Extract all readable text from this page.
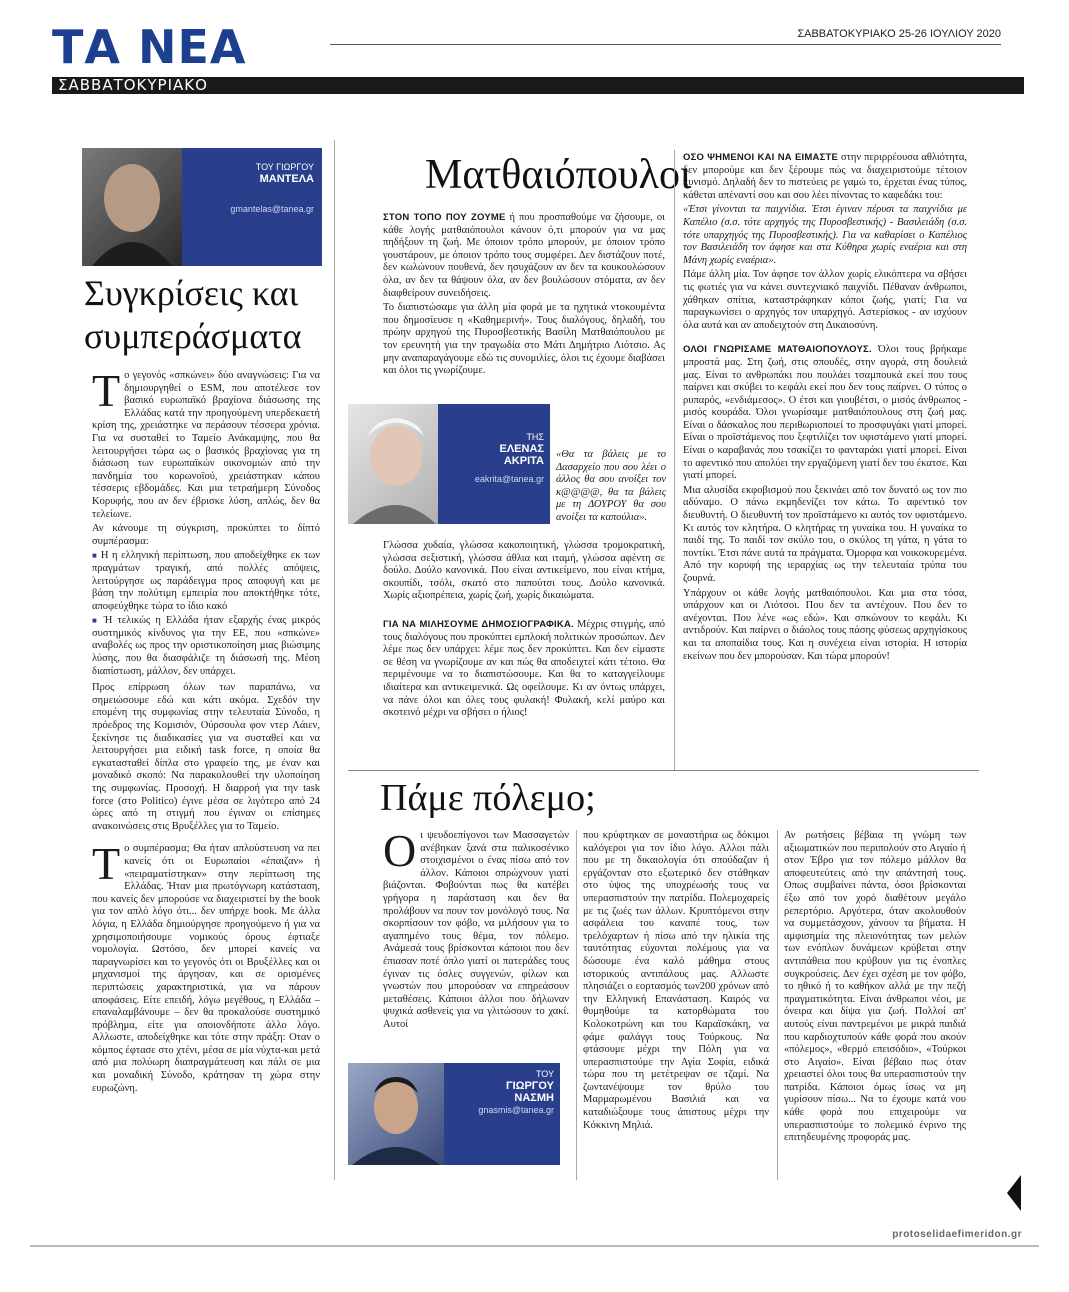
ΤΑ ΝΕΑ	ΣΑΒΒΑΤΟΚΥΡΙΑΚΟ 25-26 ΙΟΥΛΙΟΥ 2020
ΣΑΒΒΑΤΟΚΥΡΙΑΚΟ
ΤΟΥ ΓΙΩΡΓΟΥ
ΜΑΝΤΕΛΑ
gmantelas@tanea.gr
Συγκρίσεις και συμπεράσματα

Το γεγονός «σπκώνει» δύο αναγνώσεις: Για να δημιουργηθεί ο ESM, που αποτέλεσε τον βασικό ευρωπαϊκό βραχίονα διάσωσης της Ελλάδας κατά την προηγούμενη υπερδεκαετή κρίση της, χρειάστηκε να περάσουν τέσσερα χρόνια. Για να συσταθεί το Ταμείο Ανάκαμψης, που θα λειτουργήσει τώρα ως ο βασικός βραχίονας για τη διάσωση των ευρωπαϊκών οικονομιών από την πανδημία του κορωνοϊού, χρειάστηκαν κάπου τέσσερις εβδομάδες. Και μια τετραήμερη Σύνοδος Κορυφής, που αν δεν έβρισκε λύση, απλώς, δεν θα τελείωνε.

Αν κάνουμε τη σύγκριση, προκύπτει το δίπτό συμπέρασμα:

■ Η η ελληνική περίπτωση, που αποδείχθηκε εκ των πραγμάτων τραγική, από πολλές απόψεις, λειτούργησε ως παράδειγμα προς αποφυγή και με βάση την πολύτιμη εμπειρία που αποκτήθηκε τότε, αποφεύχθηκε τώρα το ίδιο κακό

■ Ή τελικώς η Ελλάδα ήταν εξαρχής ένας μικρός συστημικός κίνδυνος για την ΕΕ, που «σπκώνε» αναβολές ως προς την οριστικοποίηση μιας βιώσιμης λύσης, που θα διασφάλιζε τη διάσωσή της. Μέση διαπίστωση, μάλλον, δεν υπάρχει.

Προς επίρρωση όλων των παραπάνω, να σημειώσουμε εδώ και κάτι ακόμα. Σχεδόν την επομένη της συμφωνίας στην τελευταία Σύνοδο, η πρόεδρος της Κομισιόν, Ούρσουλα φον ντερ Λάιεν, ξεκίνησε τις διαδικασίες για να συσταθεί και να λειτουργήσει μια ειδική task force, η οποία θα εγκατασταθεί δίπλα στο γραφείο της, με έναν και μοναδικό σκοπό: Να παρακολουθεί την υλοποίηση της συμφωνίας. Προσοχή. Η διαρροή για την task force (στο Politico) έγινε μέσα σε λιγότερο από 24 ώρες από τη στιγμή που έγιναν οι επίσημες ανακοινώσεις στις Βρυξέλλες για το Ταμείο.

Το συμπέρασμα; Θα ήταν απλούστευση να πει κανείς ότι οι Ευρωπαίοι «έπαιζαν» ή «πειραματίστηκαν» στην περίπτωση της Ελλάδας. Ήταν μια πρωτόγνωρη κατάσταση, που κανείς δεν μπορούσε να διαχειριστεί by the book για τον απλό λόγο ότι... δεν υπήρχε book. Με άλλα λόγια, η Ελλάδα δημιούργησε προηγούμενο ή για να χρησιμοποιήσουμε νομικούς όρους έφτιαξε νομολογία. Ωστόσο, δεν μπορεί κανείς να παραγνωρίσει και το γεγονός ότι οι Βρυξέλλες και οι μηχανισμοί της άργησαν, και σε ορισμένες περιπτώσεις χαρακτηριστικά, για να πάρουν αποφάσεις. Είτε επειδή, λόγω μεγέθους, η Ελλάδα – επαναλαμβάνουμε – δεν θα προκαλούσε συστημικό πρόβλημα, είτε για οποιονδήποτε άλλο λόγο. Αλλωστε, αποδείχθηκε και τότε στην πράξη: Οταν ο κόμπος έφτασε στο χτένι, μέσα σε μία νύχτα-και μετά από μια πολύωρη διαπραγμάτευση και πάλι σε μια και μοναδική Σύνοδο, κράτησαν τη χώρα στην ευρωζώνη.

Ματθαιόπουλοι

ΣΤΟΝ ΤΟΠΟ ΠΟΥ ΖΟΥΜΕ ή που προσπαθούμε να ζήσουμε, οι κάθε λογής ματθαιόπουλοι κάνουν ό,τι μπορούν για να μας πηδήξουν τη ζωή. Με όποιον τρόπο μπορούν, με όποιον τρόπο γουστάρουν, με όποιον τρόπο τους συμφέρει. Δεν διστάζουν ποτέ, δεν κωλώνουν πουθενά, δεν ησυχάζουν αν δεν τα κουκουλώσουν όλα, αν δεν τα θάψουν όλα, αν δεν βουλώσουν στόματα, αν δεν διαφθείρουν συνειδήσεις.

Το διαπιστώσαμε για άλλη μία φορά με τα ηχητικά ντοκουμέντα που δημοσίευσε η «Καθημερινή». Τους διαλόγους, δηλαδή, του πρώην αρχηγού της Πυροσβεστικής Βασίλη Ματθαιόπουλου με τον ερευνητή για την τραγωδία στο Μάτι Δημήτριο Λιότσιο. Ας μην αναπαραγάγουμε εδώ τις συνομιλίες, όλοι τις έχουμε διαβάσει και όλοι τις γνωρίζουμε.

ΤΗΣ
ΕΛΕΝΑΣ
ΑΚΡΙΤΑ
eakrita@tanea.gr

«Θα τα βάλεις με το Δασαρχείο που σου λέει ο άλλος θα σου ανοίξει τον κ@@@@, θα τα βάλεις με τη ΔΟΥΡΟΥ θα σου ανοίξει τα καπούλια».

Γλώσσα χυδαία, γλώσσα κακοποιητική, γλώσσα τρομοκρατική, γλώσσα σεξιστική, γλώσσα άθλια και ιταμή, γλώσσα αφέντη σε δούλο. Δούλο κανονικά. Που είναι αντικείμενο, που είναι κτήμα, σκουπίδι, τσόλι, σκατό στο παπούτσι τους. Δούλο κανονικά. Χωρίς αξιοπρέπεια, χωρίς ζωή, χωρίς δικαιώματα.

ΓΙΑ ΝΑ ΜΙΛΗΣΟΥΜΕ ΔΗΜΟΣΙΟΓΡΑΦΙΚΑ. Μέχρις στιγμής, από τους διαλόγους που προκύπτει εμπλοκή πολιτικών προσώπων. Δεν λέμε πως δεν υπάρχει: λέμε πως δεν προκύπτει. Και δεν είμαστε σε θέση να γνωρίζουμε αν και πώς θα αποδειχτεί κάτι τέτοιο. Θα περιμένουμε να το διαπιστώσουμε. Και θα το καταγγείλουμε ιδιαίτερα και αντικειμενικά. Ως οφείλουμε. Κι αν όντως υπάρχει, να πάνε όλοι και όλες τους φυλακή! Φυλακή, κελί μαύρο και σκοτεινό μέχρι να σβήσει ο ήλιος!

ΟΣΟ ΨΗΜΕΝΟΙ ΚΑΙ ΝΑ ΕΙΜΑΣΤΕ στην περιρρέουσα αθλιότητα, δεν μπορούμε και δεν ξέρουμε πώς να διαχειριστούμε τέτοιον κυνισμό. Δηλαδή δεν το πιστεύεις ρε γαμώ το, έρχεται ένας τύπος, κάθεται απέναντί σου και σου λέει πίνοντας το καφεδάκι του:

«Έτσι γίνονται τα παιχνίδια. Έτσι έγιναν πέρυσι τα παιχνίδια με Καπέλιο (σ.σ. τότε αρχηγός της Πυροσβεστικής) - Βασιλειάδη (σ.σ. τότε υπαρχηγός της Πυροσβεστικής). Για να καθαρίσει ο Καπέλιος τον Βασιλειάδη τον άφησε και στα Κύθηρα χωρίς εναέρια και στη Μάνη χωρίς εναέρια».

Πάμε άλλη μία. Τον άφησε τον άλλον χωρίς ελικόπτερα να σβήσει τις φωτιές για να κάνει συντεχνιακό παιχνίδι. Πέθαναν άνθρωποι, χάθηκαν σπίτια, καταστράφηκαν κόποι ζωής, γιατί; Για να παραγκωνίσει ο αρχηγός τον υπαρχηγό. Αστερίσκος - αν ισχύουν όλα αυτά και αν αποδειχτούν στη Δικαιοσύνη.

ΟΛΟΙ ΓΝΩΡΙΣΑΜΕ ΜΑΤΘΑΙΟΠΟΥΛΟΥΣ. Όλοι τους βρήκαμε μπροστά μας. Στη ζωή, στις σπουδές, στην αγορά, στη δουλειά μας. Είναι το ανθρωπάκι που πουλάει τσαμπουκά εκεί που τους παίρνει και σκύβει το κεφάλι εκεί που δεν τους παίρνει. Ο τύπος ο ρυπαρός, «ενδιάμεσος». Ο έτσι και γιουβέτσι, ο μισός άνθρωπος - μισός κουράδα. Όλοι γνωρίσαμε ματθαιόπουλους στη ζωή μας. Είναι ο δάσκαλος που περιθωριοποιεί το προσφυγάκι γιατί μπορεί. Είναι ο προϊστάμενος που ξεφτιλίζει τον υφιστάμενο γιατί μπορεί. Είναι ο καραβανάς που τσακίζει το φανταράκι γιατί μπορεί. Είναι το αφεντικό που απολύει την εργαζόμενη γιατί δεν του έκατσε. Και γιατί μπορεί.

Μια αλυσίδα εκφοβισμού που ξεκινάει από τον δυνατό ως τον πιο αδύναμο. Ο πάνω εκμηδενίζει τον κάτω. Το αφεντικό τον διευθυντή. Ο διευθυντή τον προϊστάμενο κι αυτός τον υφιστάμενο. Κι αυτός τον κλητήρα. Ο κλητήρας τη γυναίκα του. Η γυναίκα το παιδί της. Το παιδί τον σκύλο του, ο σκύλος τη γάτα, η γάτα το ποντίκι. Έτσι πάνε αυτά τα πράγματα. Όμορφα και νοικοκυρεμένα. Από την κορυφή της ιεραρχίας ως την τελευταία τρύπα του ζουρνά.

Υπάρχουν οι κάθε λογής ματθαιόπουλοι. Και μια στα τόσα, υπάρχουν και οι Λιότσοι. Που δεν τα αντέχουν. Που δεν το ανέχονται. Που λένε «ως εδώ». Και σπκώνουν το κεφάλι. Κι αντιδρούν. Και παίρνει ο διάολος τους πάσης φύσεως αρχηγίσκους και τα αποπαίδια τους. Και η συνέχεια είναι ιστορία. Η ιστορία εκείνων που δεν μπορούσαν. Και τώρα μπορούν!

Πάμε πόλεμο;

Οι ψευδοεπίγονοι των Μασσαγετών ανέβηκαν ξανά στα παλικοσένικο στοιχισμένοι ο ένας πίσω από τον άλλον. Κάποιοι σπρώχνουν γιατί βιάζονται. Φοβούνται πως θα κατέβει γρήγορα η παράσταση και δεν θα προλάβουν να πουν τον μονόλογό τους. Να σκορπίσουν τον φόβο, να μιλήσουν για το αγαπημένο τους θέμα, τον πόλεμο. Ανάμεσά τους βρίσκονται κάποιοι που δεν έπιασαν ποτέ όπλο γιατί οι πατεράδες τους έγιναν τις όσλες συγγενών, φίλων και γνωστών που μπορούσαν να επηρεάσουν μεταθέσεις. Κάποιοι άλλοι που δήλωναν ψυχικά ασθενείς για να γλιτώσουν το χακί. Αυτοί

ΤΟΥ
ΓΙΩΡΓΟΥ
ΝΑΣΜΗ
gnasmis@tanea.gr

που κρύφτηκαν σε μοναστήρια ως δόκιμοι καλόγεροι για τον ίδιο λόγο. Αλλοι πάλι που με τη δικαιολογία ότι σπούδαζαν ή εργάζονταν στο εξωτερικό δεν στάθηκαν στο ύψος της υποχρέωσής τους να υπερασπιστούν την πατρίδα. Πολεμοχαρείς με τις ζωές των άλλων. Κρυπτόμενοι στην ασφάλεια του καναπέ τους, των τρελόχαρτων ή πίσω από την ηλικία της ταυτότητας εύχονται πολέμους για να δώσουμε ένα καλό μάθημα στους ιστορικούς αντιπάλους μας. Αλλωστε πλησιάζει ο εορτασμός των200 χρόνων από την Ελληνική Επανάσταση. Καιρός να θυμηθούμε τα κατορθώματα του Κολοκοτρώνη και του Καραϊσκάκη, να φάμε φαλάγγι τους Τούρκους. Να φτάσουμε μέχρι την Πόλη για να υπερασπιστούμε την Αγία Σοφία, ειδικά τώρα που τη μετέτρεψαν σε τζαμί. Να ζωντανέψουμε τον θρύλο του Μαρμαρωμένου Βασιλιά και να καταδιώξουμε τους άπιστους μέχρι την Κόκκινη Μηλιά.

Αν ρωτήσεις βέβαια τη γνώμη των αξιωματικών που περιπολούν στο Αιγαίο ή στον Έβρο για τον πόλεμο μάλλον θα αποφευτεύτεις από την απάντησή τους. Οπως συμβαίνει πάντα, όσοι βρίσκονται έξω από τον χορό διαθέτουν μεγάλο ρεπερτόριο. Αργότερα, όταν ακολουθούν να συμμετάσχουν, χάνουν τα βήματα. Η αμφισημία της πλειονότητας των μελών των ενόπλων δυνάμεων κρύβεται στην αντιπάθεια που κρύβουν για τις ένοπλες συγκρούσεις. Δεν έχει σχέση με τον φόβο, το ηθικό ή το καθήκον αλλά με την πεζή πραγματικότητα. Είναι άνθρωποι νέοι, με όνειρα και δίψα για ζωή. Πολλοί απ' αυτούς είναι παντρεμένοι με μικρά παιδιά που καρδιοχτυπούν κάθε φορά που ακούν «πόλεμος», «θερμό επεισόδιο», «Τούρκοι στο Αιγαίο». Είναι βέβαιο πως όταν χρειαστεί όλοι τους θα υπερασπιστούν την πατρίδα. Κάποιοι όμως ίσως να μη γυρίσουν πίσω... Να το έχουμε κατά νου κάθε φορά που επιχειρούμε να υπερασπιστούμε το πολεμικό ένρινο της επιτηδευμένης προφοράς μας.

protoselidaefimeridon.gr
